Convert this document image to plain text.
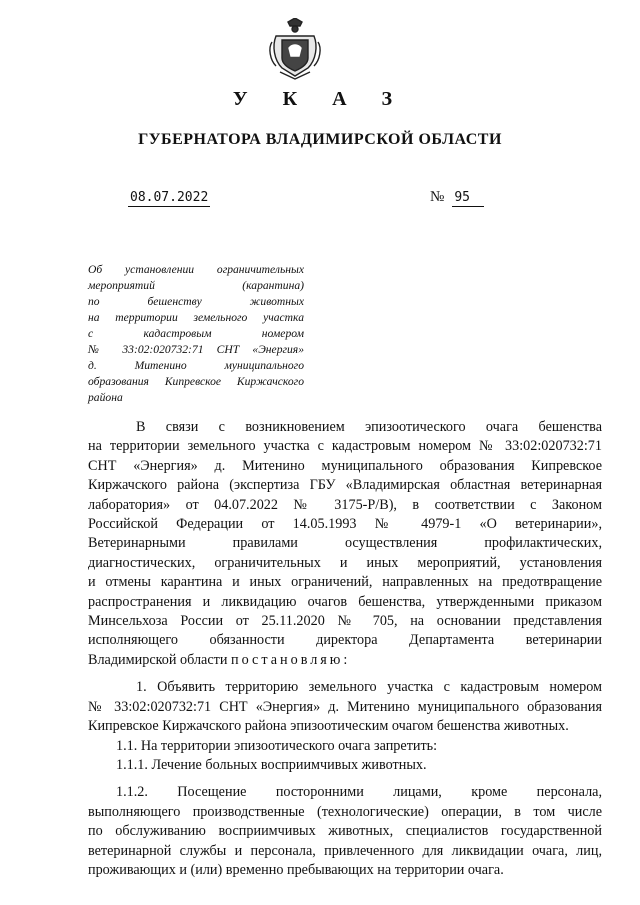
У К А З
ГУБЕРНАТОРА ВЛАДИМИРСКОЙ ОБЛАСТИ
08.07.2022	№ 95
Об установлении ограничительных
мероприятий (карантина)
по бешенству животных
на территории земельного участка
с кадастровым номером
№ 33:02:020732:71 СНТ «Энергия»
д. Митенино муниципального
образования Кипревское Киржачского
района
В связи с возникновением эпизоотического очага бешенства
на территории земельного участка с кадастровым номером № 33:02:020732:71
СНТ «Энергия» д. Митенино муниципального образования Кипревское
Киржачского района (экспертиза ГБУ «Владимирская областная ветеринарная
лаборатория» от 04.07.2022 № 3175-Р/В), в соответствии с Законом
Российской Федерации от 14.05.1993 № 4979-1 «О ветеринарии»,
Ветеринарными правилами осуществления профилактических,
диагностических, ограничительных и иных мероприятий, установления
и отмены карантина и иных ограничений, направленных на предотвращение
распространения и ликвидацию очагов бешенства, утвержденными приказом
Минсельхоза России от 25.11.2020 № 705, на основании представления
исполняющего обязанности директора Департамента ветеринарии
Владимирской области постановляю:
1. Объявить территорию земельного участка с кадастровым номером
№ 33:02:020732:71 СНТ «Энергия» д. Митенино муниципального образования
Кипревское Киржачского района эпизоотическим очагом бешенства животных.
1.1. На территории эпизоотического очага запретить:
1.1.1. Лечение больных восприимчивых животных.
1.1.2. Посещение посторонними лицами, кроме персонала,
выполняющего производственные (технологические) операции, в том числе
по обслуживанию восприимчивых животных, специалистов государственной
ветеринарной службы и персонала, привлеченного для ликвидации очага, лиц,
проживающих и (или) временно пребывающих на территории очага.
